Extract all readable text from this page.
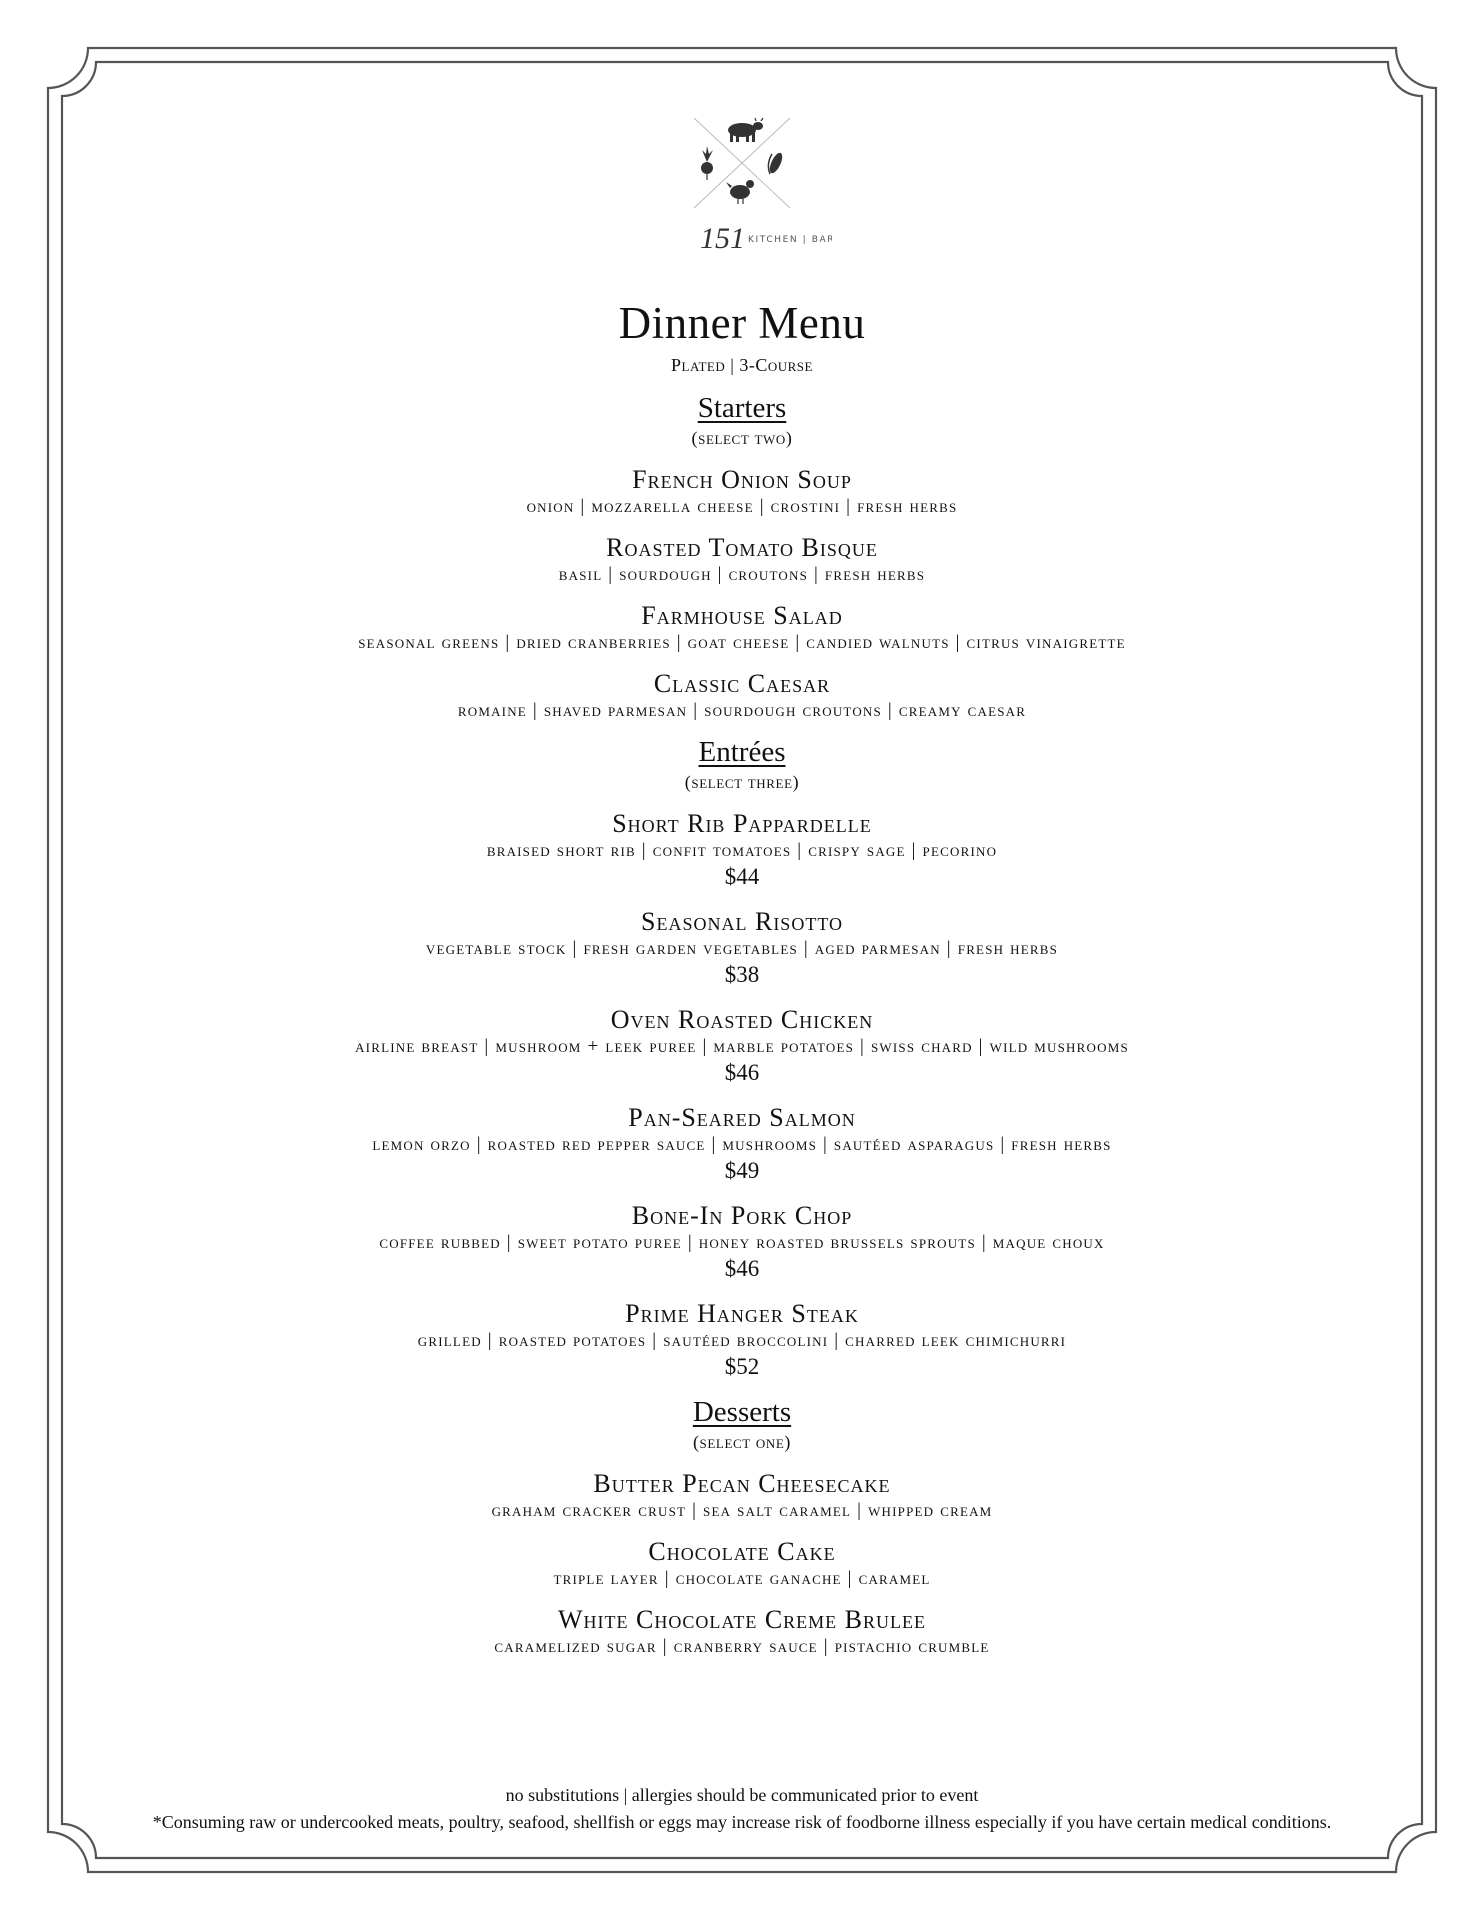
151 KITCHEN | BAR
Dinner Menu
Plated | 3-Course
Starters
(select two)
French Onion Soup
onion | mozzarella cheese | crostini | fresh herbs
Roasted Tomato Bisque
basil | sourdough | croutons | fresh herbs
Farmhouse Salad
seasonal greens | dried cranberries | goat cheese | candied walnuts | citrus vinaigrette
Classic Caesar
romaine | shaved parmesan | sourdough croutons | creamy caesar
Entrées
(select three)
Short Rib Pappardelle
braised short rib | confit tomatoes | crispy sage | pecorino
$44
Seasonal Risotto
vegetable stock | fresh garden vegetables | aged parmesan | fresh herbs
$38
Oven Roasted Chicken
airline breast | mushroom + leek puree | marble potatoes | swiss chard | wild mushrooms
$46
Pan-Seared Salmon
lemon orzo | roasted red pepper sauce | mushrooms | sautéed asparagus | fresh herbs
$49
Bone-In Pork Chop
coffee rubbed | sweet potato puree | honey roasted brussels sprouts | maque choux
$46
Prime Hanger Steak
grilled | roasted potatoes | sautéed broccolini | charred leek chimichurri
$52
Desserts
(select one)
Butter Pecan Cheesecake
graham cracker crust | sea salt caramel | whipped cream
Chocolate Cake
triple layer | chocolate ganache | caramel
White Chocolate Creme Brulee
caramelized sugar | cranberry sauce | pistachio crumble
no substitutions | allergies should be communicated prior to event
*Consuming raw or undercooked meats, poultry, seafood, shellfish or eggs may increase risk of foodborne illness especially if you have certain medical conditions.
